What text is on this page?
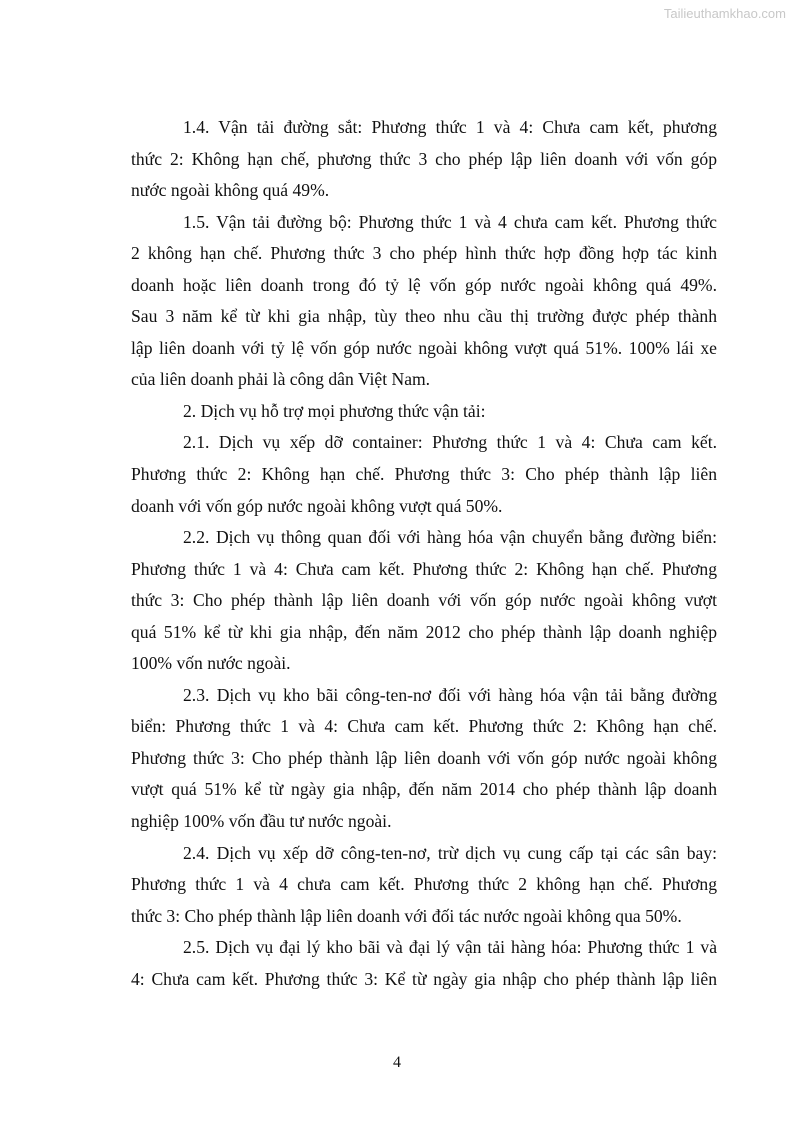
Tailieuthamkhao.com
1.4. Vận tải đường sắt: Phương thức 1 và 4: Chưa cam kết, phương
thức 2: Không hạn chế, phương thức 3 cho phép lập liên doanh với vốn góp
nước ngoài không quá 49%.
1.5. Vận tải đường bộ: Phương thức 1 và 4 chưa cam kết. Phương thức
2 không hạn chế. Phương thức 3 cho phép hình thức hợp đồng hợp tác kinh
doanh hoặc liên doanh trong đó tỷ lệ vốn góp nước ngoài không quá 49%.
Sau 3 năm kể từ khi gia nhập, tùy theo nhu cầu thị trường được phép thành
lập liên doanh với tỷ lệ vốn góp nước ngoài không vượt quá 51%. 100% lái xe
của liên doanh phải là công dân Việt Nam.
2. Dịch vụ hỗ trợ mọi phương thức vận tải:
2.1. Dịch vụ xếp dỡ container: Phương thức 1 và 4: Chưa cam kết.
Phương thức 2: Không hạn chế. Phương thức 3: Cho phép thành lập liên
doanh với vốn góp nước ngoài không vượt quá 50%.
2.2. Dịch vụ thông quan đối với hàng hóa vận chuyển bằng đường biển:
Phương thức 1 và 4: Chưa cam kết. Phương thức 2: Không hạn chế. Phương
thức 3: Cho phép thành lập liên doanh với vốn góp nước ngoài không vượt
quá 51% kể từ khi gia nhập, đến năm 2012 cho phép thành lập doanh nghiệp
100% vốn nước ngoài.
2.3. Dịch vụ kho bãi công-ten-nơ đối với hàng hóa vận tải bằng đường
biển: Phương thức 1 và 4: Chưa cam kết. Phương thức 2: Không hạn chế.
Phương thức 3: Cho phép thành lập liên doanh với vốn góp nước ngoài không
vượt quá 51% kể từ ngày gia nhập, đến năm 2014 cho phép thành lập doanh
nghiệp 100% vốn đầu tư nước ngoài.
2.4. Dịch vụ xếp dỡ công-ten-nơ, trừ dịch vụ cung cấp tại các sân bay:
Phương thức 1 và 4 chưa cam kết. Phương thức 2 không hạn chế. Phương
thức 3: Cho phép thành lập liên doanh với đối tác nước ngoài không qua 50%.
2.5. Dịch vụ đại lý kho bãi và đại lý vận tải hàng hóa: Phương thức 1 và
4: Chưa cam kết. Phương thức 3: Kể từ ngày gia nhập cho phép thành lập liên
4
